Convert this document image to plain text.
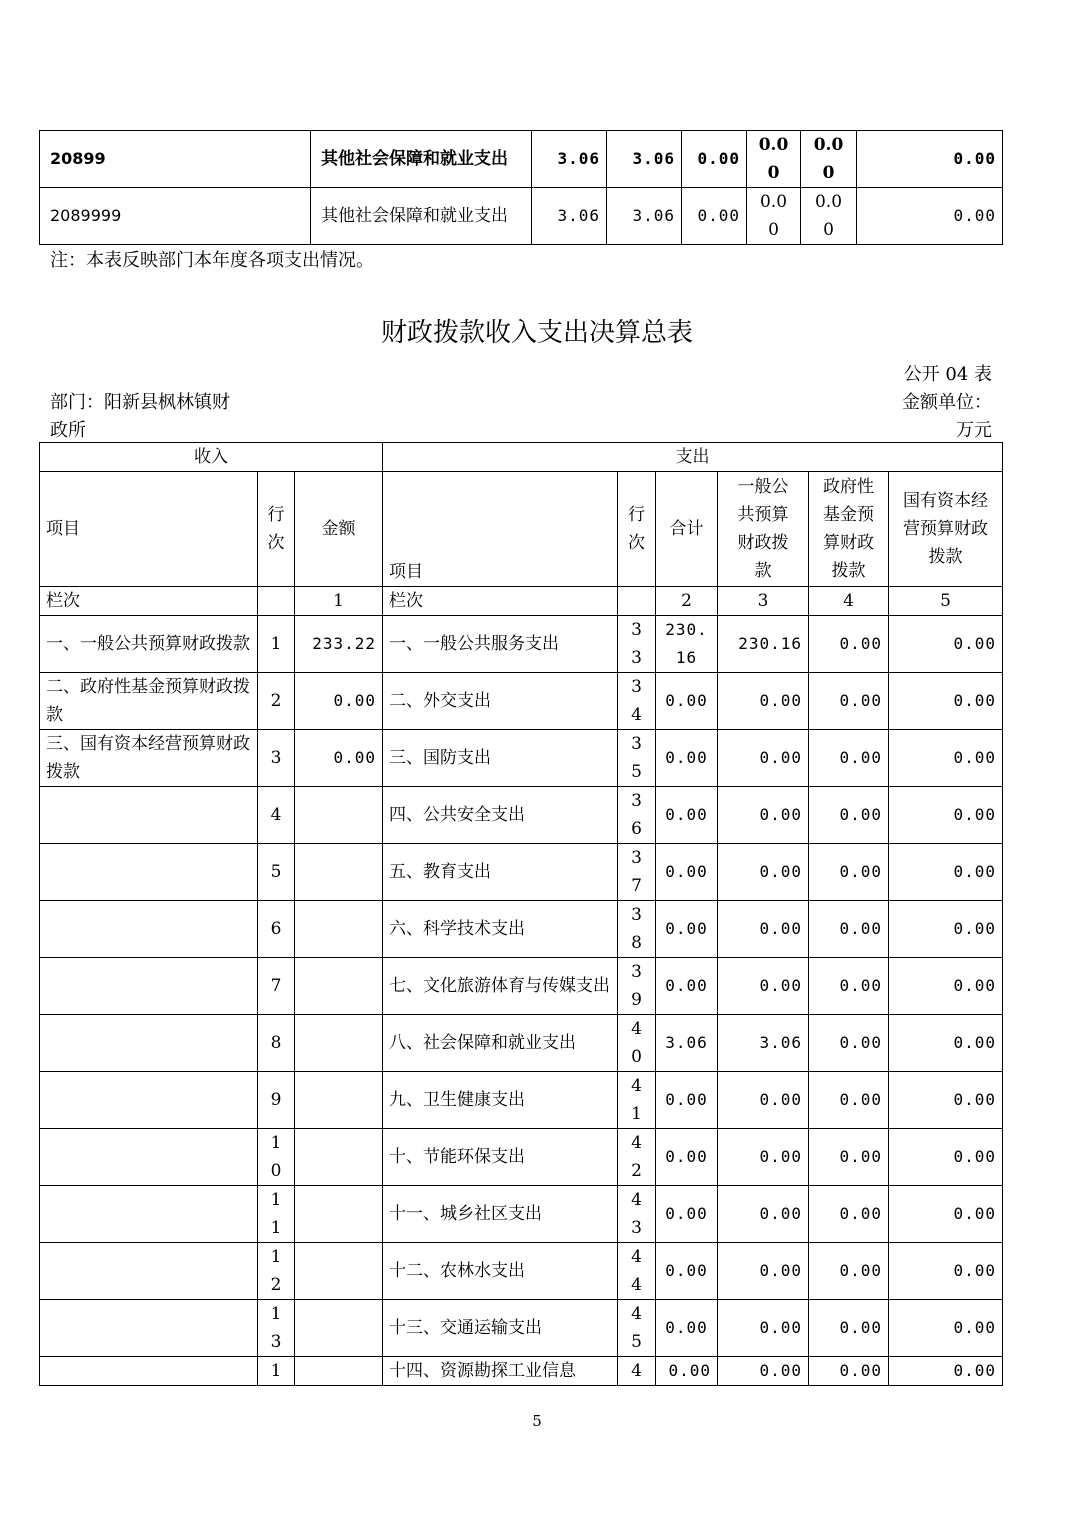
20899	其他社会保障和就业支出	3.06	3.06	0.00	0.00	0.00	0.00
2089999	其他社会保障和就业支出	3.06	3.06	0.00	0.00	0.00	0.00
注：本表反映部门本年度各项支出情况。
财政拨款收入支出决算总表
公开 04 表
部门：阳新县枫林镇财
政所
金额单位：
万元
收入			支出					
项目	行次	金额	项目	行次	合计	一般公共预算财政拨款	政府性基金预算财政拨款	国有资本经营预算财政拨款
栏次		1	栏次		2	3	4	5
一、一般公共预算财政拨款	1	233.22	一、一般公共服务支出	33	230.16	230.16	0.00	0.00
二、政府性基金预算财政拨款	2	0.00	二、外交支出	34	0.00	0.00	0.00	0.00
三、国有资本经营预算财政拨款	3	0.00	三、国防支出	35	0.00	0.00	0.00	0.00

	4		四、公共安全支出	36	0.00	0.00	0.00	0.00

	5		五、教育支出	37	0.00	0.00	0.00	0.00

	6		六、科学技术支出	38	0.00	0.00	0.00	0.00

	7		七、文化旅游体育与传媒支出	39	0.00	0.00	0.00	0.00

	8		八、社会保障和就业支出	40	3.06	3.06	0.00	0.00

	9		九、卫生健康支出	41	0.00	0.00	0.00	0.00

	10		十、节能环保支出	42	0.00	0.00	0.00	0.00

	11		十一、城乡社区支出	43	0.00	0.00	0.00	0.00

	12		十二、农林水支出	44	0.00	0.00	0.00	0.00

	13		十三、交通运输支出	45	0.00	0.00	0.00	0.00
	1		十四、资源勘探工业信息	4	0.00	0.00	0.00	0.00
5
